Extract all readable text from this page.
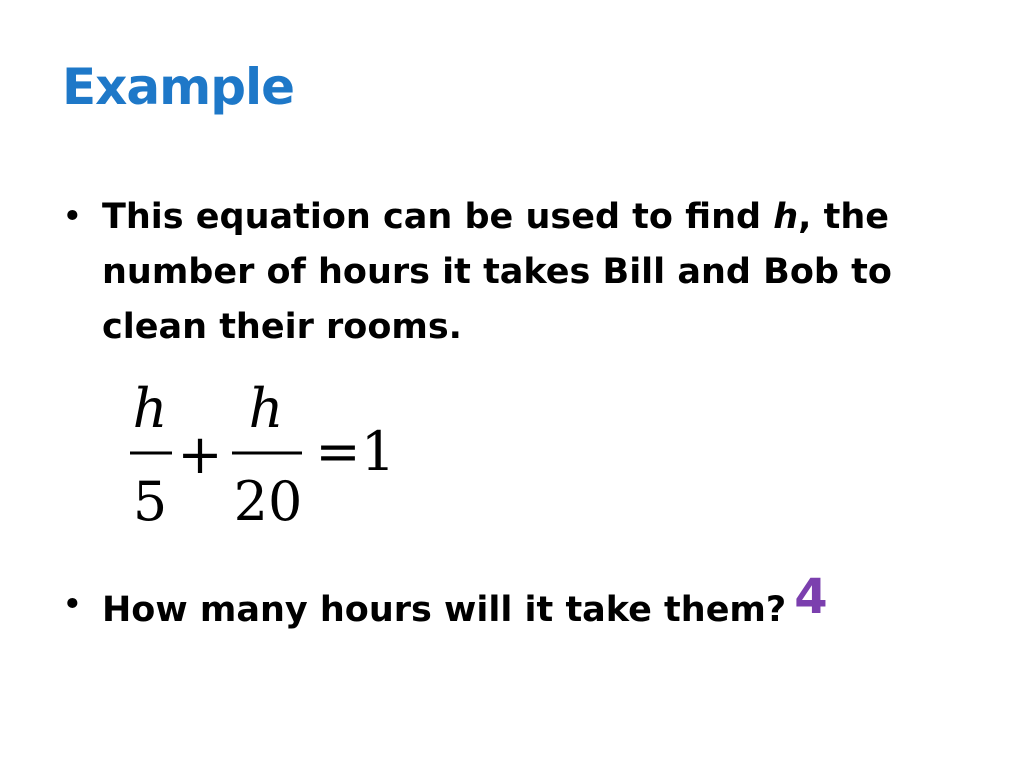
Example
• This equation can be used to find h, the number of hours it takes Bill and Bob to clean their rooms.
h
5
+
h
20
= 1
• How many hours will it take them? 4
